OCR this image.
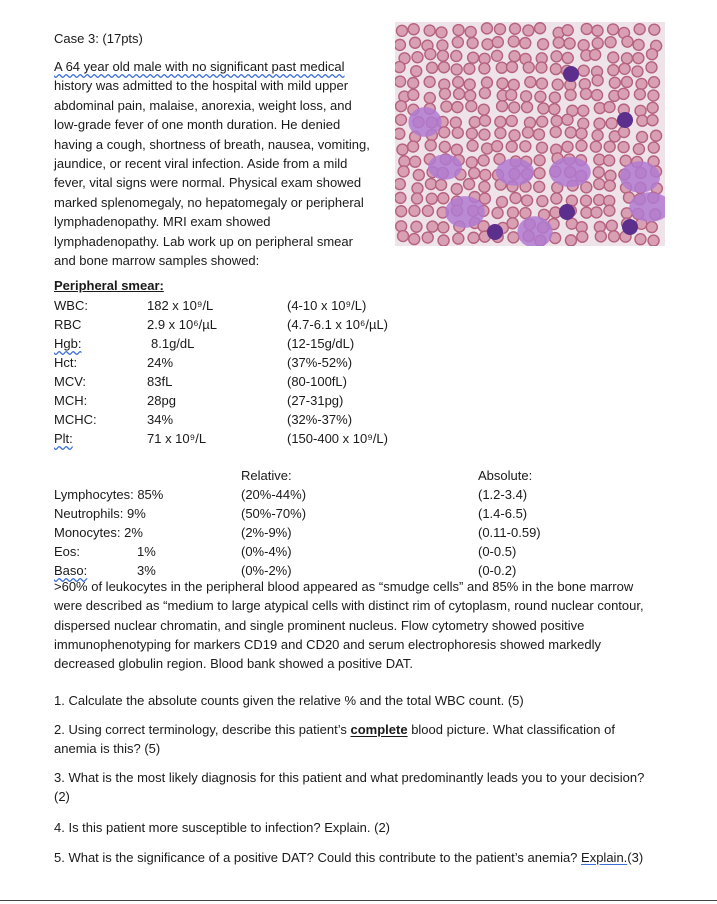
Case 3: (17pts)
A 64 year old male with no significant past medical
history was admitted to the hospital with mild upper
abdominal pain, malaise, anorexia, weight loss, and
low-grade fever of one month duration. He denied
having a cough, shortness of breath, nausea, vomiting,
jaundice, or recent viral infection. Aside from a mild
fever, vital signs were normal. Physical exam showed
marked splenomegaly, no hepatomegaly or peripheral
lymphadenopathy. MRI exam showed
lymphadenopathy. Lab work up on peripheral smear
and bone marrow samples showed:
Peripheral smear:
WBC:	182 x 10⁹/L	(4-10 x 10⁹/L)
RBC	2.9 x 10⁶/µL	(4.7-6.1 x 10⁶/µL)
Hgb:	8.1g/dL	(12-15g/dL)
Hct:	24%	(37%-52%)
MCV:	83fL	(80-100fL)
MCH:	28pg	(27-31pg)
MCHC:	34%	(32%-37%)
Plt:	71 x 10⁹/L	(150-400 x 10⁹/L)
Relative:	Absolute:
Lymphocytes: 85%	(20%-44%)	(1.2-3.4)
Neutrophils: 9%	(50%-70%)	(1.4-6.5)
Monocytes: 2%	(2%-9%)	(0.11-0.59)
Eos:	1%	(0%-4%)	(0-0.5)
Baso:	3%	(0%-2%)	(0-0.2)
>60% of leukocytes in the peripheral blood appeared as “smudge cells” and 85% in the bone marrow
were described as “medium to large atypical cells with distinct rim of cytoplasm, round nuclear contour,
dispersed nuclear chromatin, and single prominent nucleus. Flow cytometry showed positive
immunophenotyping for markers CD19 and CD20 and serum electrophoresis showed markedly
decreased globulin region. Blood bank showed a positive DAT.
1. Calculate the absolute counts given the relative % and the total WBC count. (5)
2. Using correct terminology, describe this patient’s complete blood picture. What classification of
anemia is this? (5)
3. What is the most likely diagnosis for this patient and what predominantly leads you to your decision?
(2)
4. Is this patient more susceptible to infection? Explain. (2)
5. What is the significance of a positive DAT? Could this contribute to the patient’s anemia? Explain.(3)
